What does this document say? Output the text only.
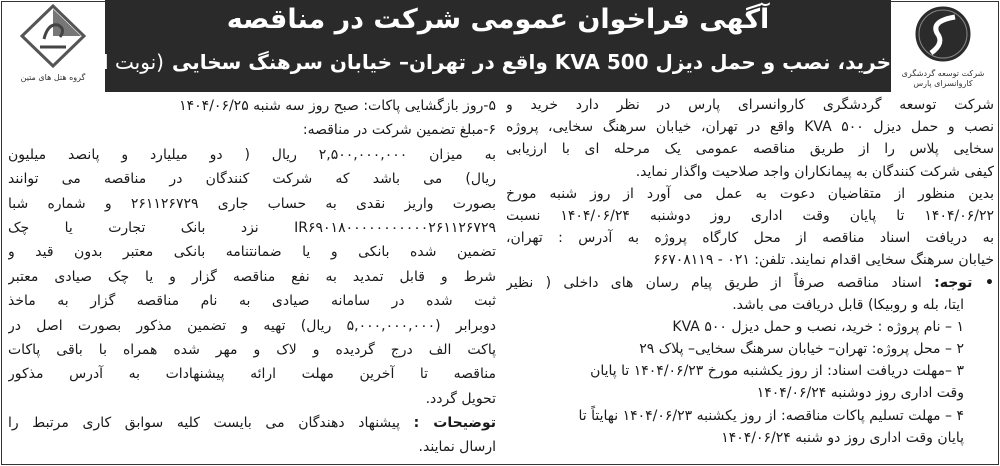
گروه هتل های متین
آگهی فراخوان عمومی شرکت در مناقصه
خرید، نصب و حمل دیزل 500 KVA واقع در تهران– خیابان سرهنگ سخایی(نوبت اول)	شرکت توسعه گردشگری
کاروانسرای پارس
شرکت توسعه گردشگری کاروانسرای پارس در نظر دارد خرید و
نصب و حمل دیزل ۵۰۰ KVA واقع در تهران، خیابان سرهنگ سخایی، پروژه
سخایی پلاس را از طریق مناقصه عمومی یک مرحله ای با ارزیابی
کیفی شرکت کنندگان به پیمانکاران واجد صلاحیت واگذار نماید.
بدین منظور از متقاضیان دعوت به عمل می آورد از روز شنبه مورخ
۱۴۰۴/۰۶/۲۲ تا پایان وقت اداری روز دوشنبه ۱۴۰۴/۰۶/۲۴ نسبت
به دریافت اسناد مناقصه از محل کارگاه پروژه به آدرس : تهران،
خیابان سرهنگ سخایی اقدام نمایند. تلفن: ۰۲۱ - ۶۶۷۰۸۱۱۹
• توجه: اسناد مناقصه صرفاً از طریق پیام رسان های داخلی ( نظیر
ایتا، بله و روبیکا) قابل دریافت می باشد.
۱ – نام پروژه : خرید، نصب و حمل دیزل ۵۰۰ KVA
۲ – محل پروژه: تهران– خیابان سرهنگ سخایی– پلاک ۲۹
۳ –مهلت دریافت اسناد: از روز یکشنبه مورخ ۱۴۰۴/۰۶/۲۳ تا پایان
وقت اداری روز دوشنبه ۱۴۰۴/۰۶/۲۴
۴ – مهلت تسلیم پاکات مناقصه: از روز یکشنبه ۱۴۰۴/۰۶/۲۳ نهایتاً تا
پایان وقت اداری روز دو شنبه ۱۴۰۴/۰۶/۲۴
۵-روز بازگشایی پاکات: صبح روز سه شنبه ۱۴۰۴/۰۶/۲۵
۶-مبلغ تضمین شرکت در مناقصه:
به میزان ۲,۵۰۰,۰۰۰,۰۰۰ ریال ( دو میلیارد و پانصد میلیون
ریال) می باشد که شرکت کنندگان در مناقصه می توانند
بصورت واریز نقدی به حساب جاری ۲۶۱۱۲۶۷۲۹ و شماره شبا
IR۶۹۰۱۸۰۰۰۰۰۰۰۰۰۰۰۲۶۱۱۲۶۷۲۹ نزد بانک تجارت یا چک
تضمین شده بانکی و یا ضمانتنامه بانکی معتبر بدون قید و
شرط و قابل تمدید به نفع مناقصه گزار و یا چک صیادی معتبر
ثبت شده در سامانه صیادی به نام مناقصه گزار به ماخذ
دوبرابر (۵,۰۰۰,۰۰۰,۰۰۰ ریال) تهیه و تضمین مذکور بصورت اصل در
پاکت الف درج گردیده و لاک و مهر شده همراه با باقی پاکات
مناقصه تا آخرین مهلت ارائه پیشنهادات به آدرس مذکور
تحویل گردد.
توضیحات : پیشنهاد دهندگان می بایست کلیه سوابق کاری مرتبط را
ارسال نمایند.
